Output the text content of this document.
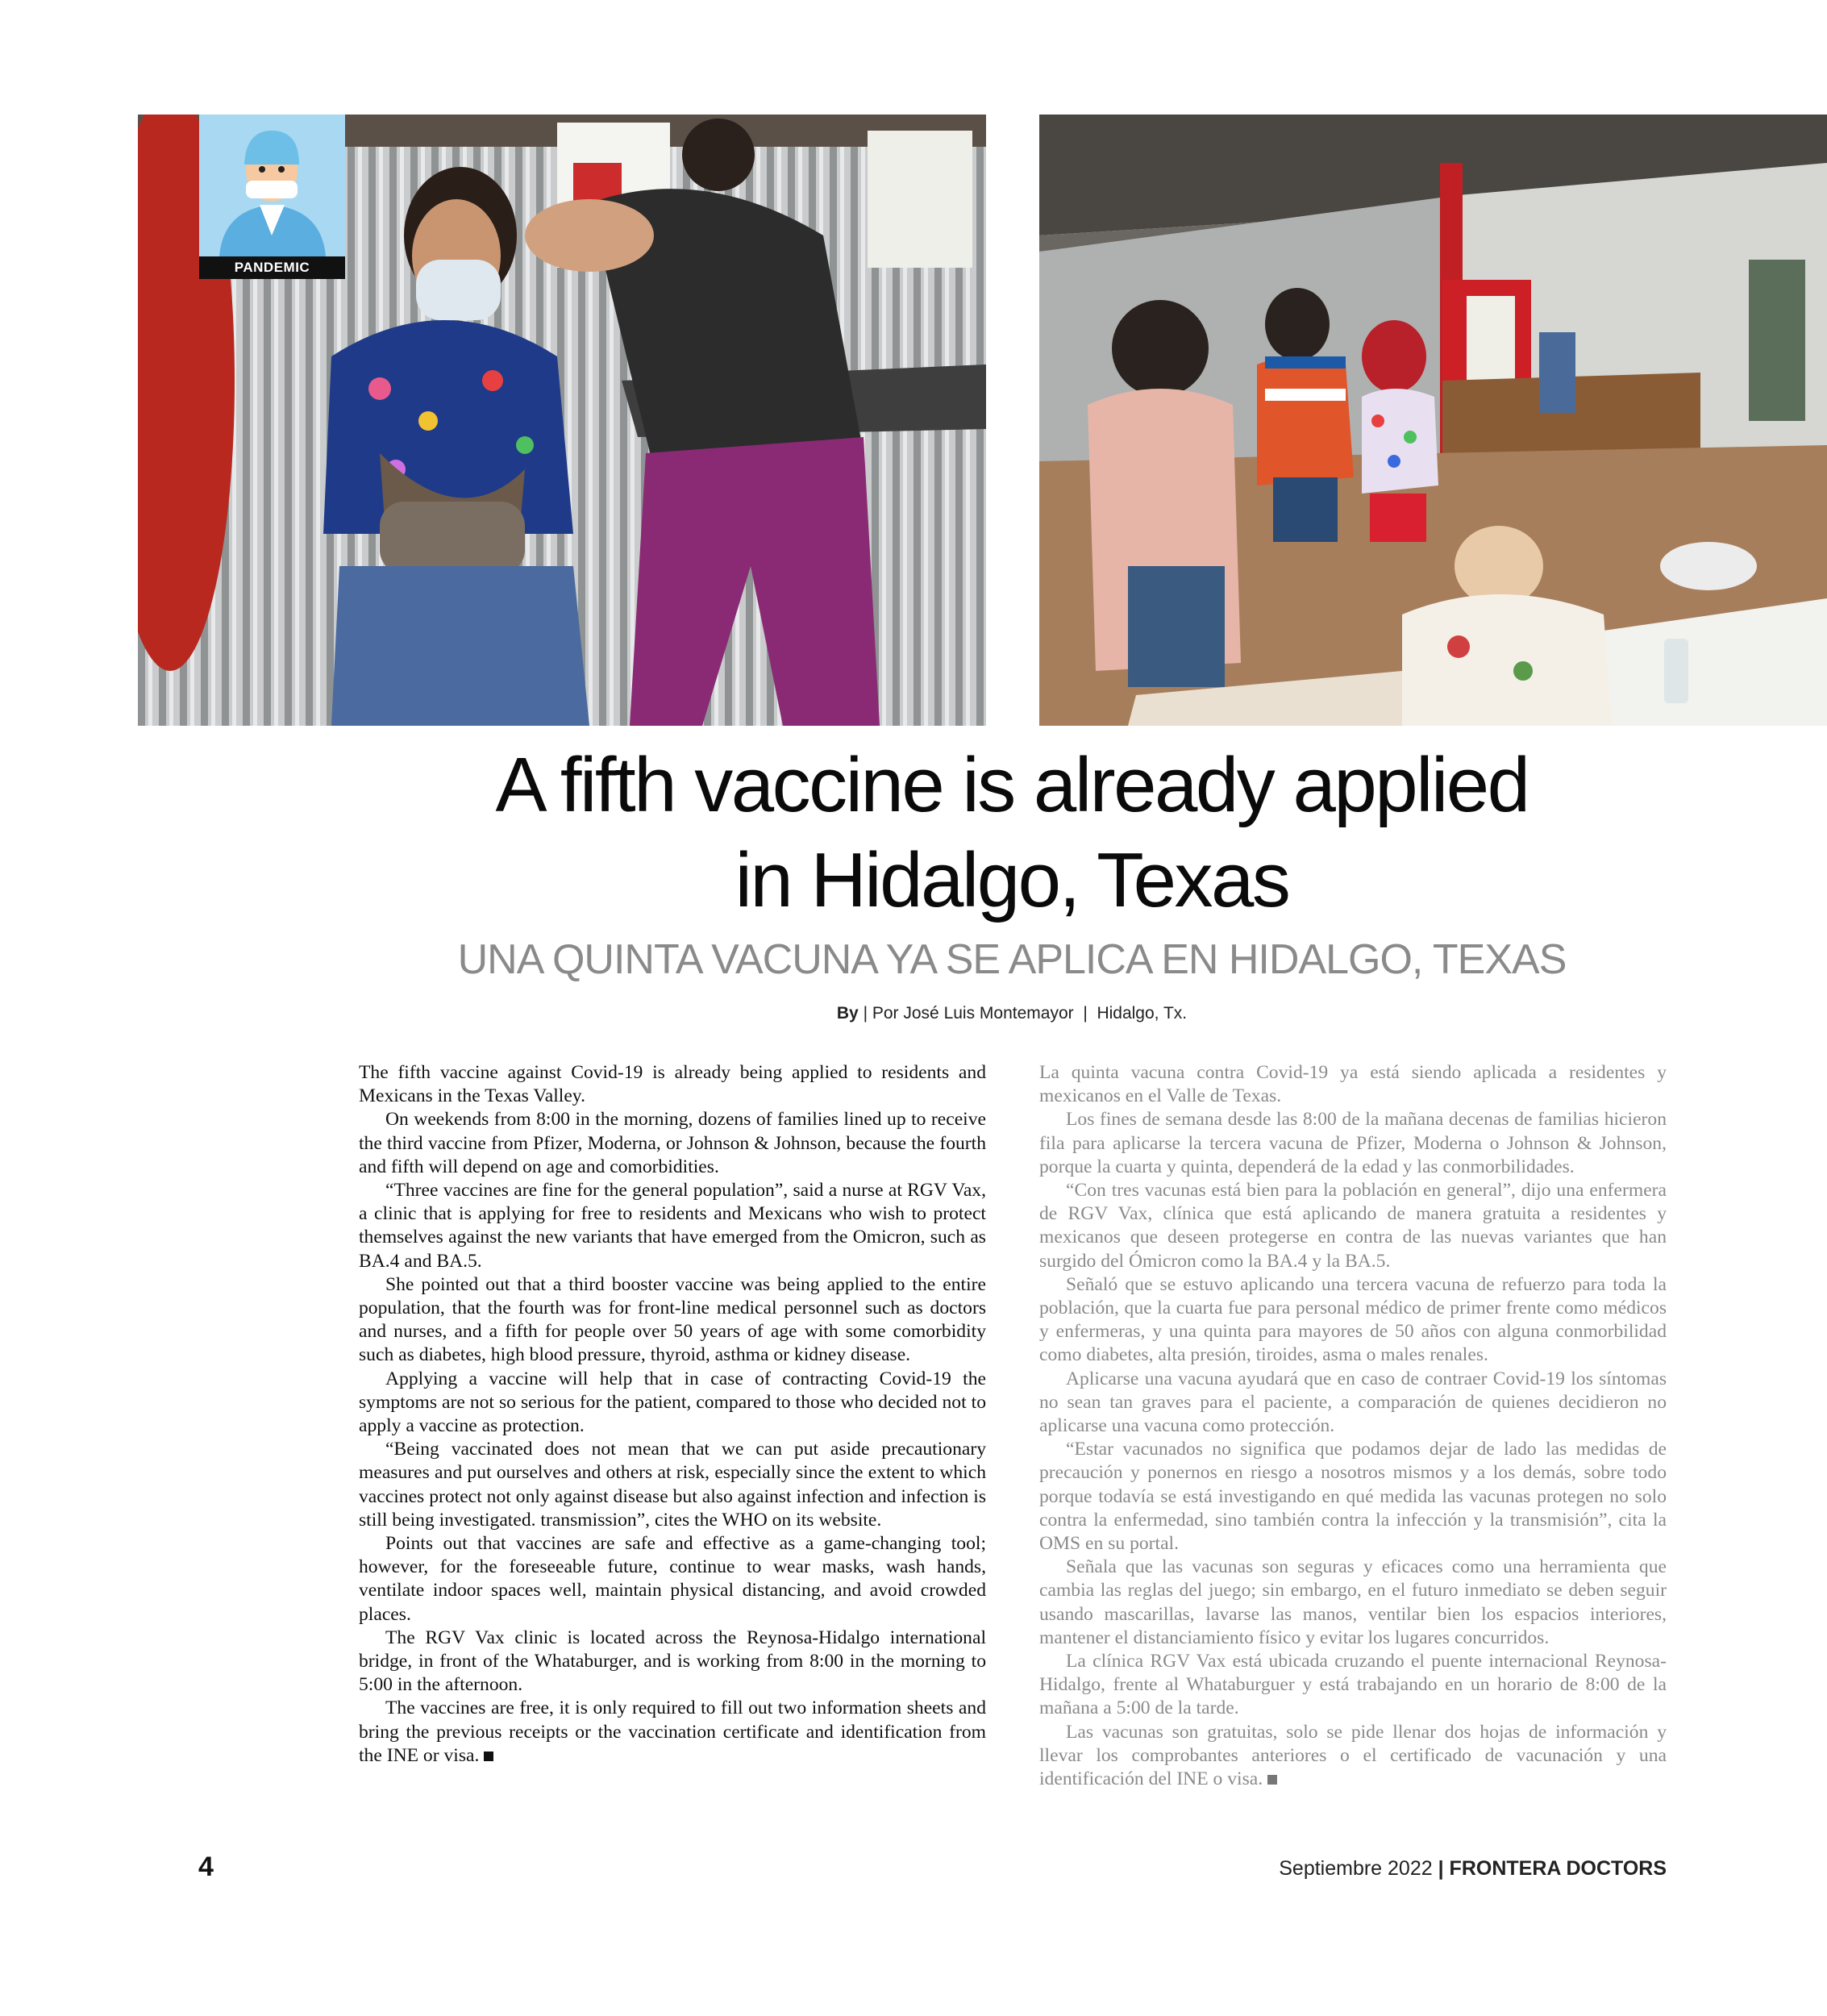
PANDEMIC
A fifth vaccine is already applied
in Hidalgo, Texas
UNA QUINTA VACUNA YA SE APLICA EN HIDALGO, TEXAS
By | Por José Luis Montemayor  |  Hidalgo, Tx.

The fifth vaccine against Covid-19 is already being applied to residents and Mexicans in the Texas Valley.

On weekends from 8:00 in the morning, dozens of families lined up to receive the third vaccine from Pfizer, Moderna, or Johnson & Johnson, because the fourth and fifth will depend on age and comorbidities.

“Three vaccines are fine for the general population”, said a nurse at RGV Vax, a clinic that is applying for free to residents and Mexicans who wish to protect themselves against the new variants that have emerged from the Omicron, such as BA.4 and BA.5.

She pointed out that a third booster vaccine was being applied to the entire population, that the fourth was for front-line medical personnel such as doctors and nurses, and a fifth for people over 50 years of age with some comorbidity such as diabetes, high blood pressure, thyroid, asthma or kidney disease.

Applying a vaccine will help that in case of contracting Covid-19 the symptoms are not so serious for the patient, compared to those who decided not to apply a vaccine as protection.

“Being vaccinated does not mean that we can put aside precautionary measures and put ourselves and others at risk, especially since the extent to which vaccines protect not only against disease but also against infection and infection is still being investigated. transmission”, cites the WHO on its website.

Points out that vaccines are safe and effective as a game-changing tool; however, for the foreseeable future, continue to wear masks, wash hands, ventilate indoor spaces well, maintain physical distancing, and avoid crowded places.

The RGV Vax clinic is located across the Reynosa-Hidalgo international bridge, in front of the Whataburger, and is working from 8:00 in the morning to 5:00 in the afternoon.

The vaccines are free, it is only required to fill out two information sheets and bring the previous receipts or the vaccination certificate and identification from the INE or visa.

La quinta vacuna contra Covid-19 ya está siendo aplicada a residentes y mexicanos en el Valle de Texas.

Los fines de semana desde las 8:00 de la mañana decenas de familias hicieron fila para aplicarse la tercera vacuna de Pfizer, Moderna o Johnson & Johnson, porque la cuarta y quinta, dependerá de la edad y las conmorbilidades.

“Con tres vacunas está bien para la población en general”, dijo una enfermera de RGV Vax, clínica que está aplicando de manera gratuita a residentes y mexicanos que deseen protegerse en contra de las nuevas variantes que han surgido del Ómicron como la BA.4 y la BA.5.

Señaló que se estuvo aplicando una tercera vacuna de refuerzo para toda la población, que la cuarta fue para personal médico de primer frente como médicos y enfermeras, y una quinta para mayores de 50 años con alguna conmorbilidad como diabetes, alta presión, tiroides, asma o males renales.

Aplicarse una vacuna ayudará que en caso de contraer Covid-19 los síntomas no sean tan graves para el paciente, a comparación de quienes decidieron no aplicarse una vacuna como protección.

“Estar vacunados no significa que podamos dejar de lado las medidas de precaución y ponernos en riesgo a nosotros mismos y a los demás, sobre todo porque todavía se está investigando en qué medida las vacunas protegen no solo contra la enfermedad, sino también contra la infección y la transmisión”, cita la OMS en su portal.

Señala que las vacunas son seguras y eficaces como una herramienta que cambia las reglas del juego; sin embargo, en el futuro inmediato se deben seguir usando mascarillas, lavarse las manos, ventilar bien los espacios interiores, mantener el distanciamiento físico y evitar los lugares concurridos.

La clínica RGV Vax está ubicada cruzando el puente internacional Reynosa-Hidalgo, frente al Whataburguer y está trabajando en un horario de 8:00 de la mañana a 5:00 de la tarde.

Las vacunas son gratuitas, solo se pide llenar dos hojas de información y llevar los comprobantes anteriores o el certificado de vacunación y una identificación del INE o visa.

4	Septiembre 2022 | FRONTERA DOCTORS
